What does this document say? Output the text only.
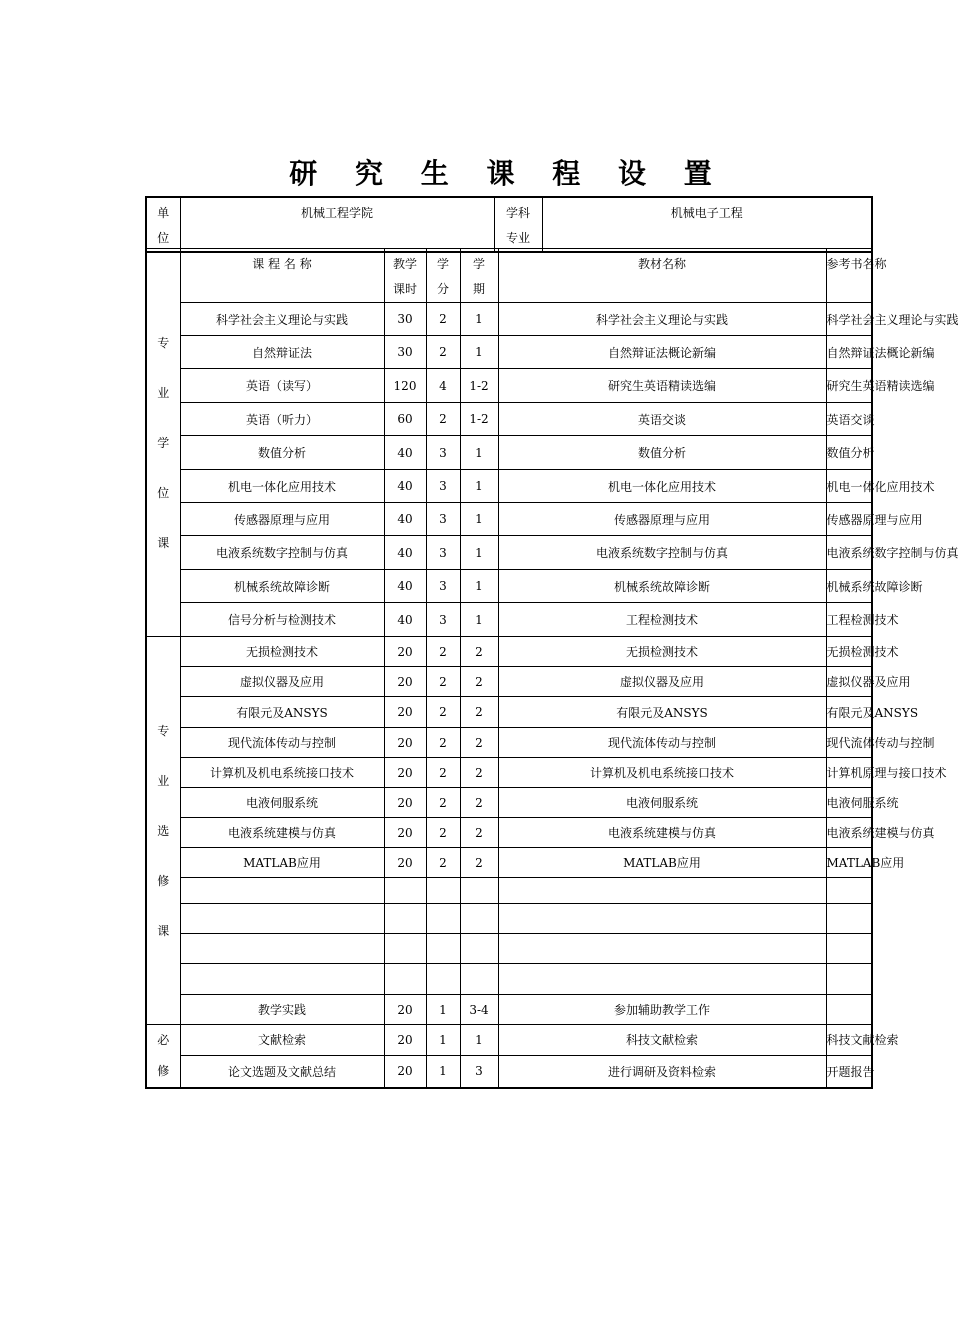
研 究 生 课 程 设 置
单位	机械工程学院	学科专业	机械电子工程
专业学位课	课 程 名 称	教学课时	学分	学期	教材名称	参考书名称	
	科学社会主义理论与实践	30	2	1	科学社会主义理论与实践	科学社会主义理论与实践	
	自然辩证法	30	2	1	自然辩证法概论新编	自然辩证法概论新编	
	英语（读写）	120	4	1-2	研究生英语精读选编	研究生英语精读选编	
	英语（听力）	60	2	1-2	英语交谈	英语交谈	
	数值分析	40	3	1	数值分析	数值分析	
	机电一体化应用技术	40	3	1	机电一体化应用技术	机电一体化应用技术	
	传感器原理与应用	40	3	1	传感器原理与应用	传感器原理与应用	
	电液系统数字控制与仿真	40	3	1	电液系统数字控制与仿真	电液系统数字控制与仿真	
	机械系统故障诊断	40	3	1	机械系统故障诊断	机械系统故障诊断	
	信号分析与检测技术	40	3	1	工程检测技术	工程检测技术	
专业选修课	无损检测技术	20	2	2	无损检测技术	无损检测技术	
	虚拟仪器及应用	20	2	2	虚拟仪器及应用	虚拟仪器及应用	
	有限元及ANSYS	20	2	2	有限元及ANSYS	有限元及ANSYS	
	现代流体传动与控制	20	2	2	现代流体传动与控制	现代流体传动与控制	
	计算机及机电系统接口技术	20	2	2	计算机及机电系统接口技术	计算机原理与接口技术	
	电液伺服系统	20	2	2	电液伺服系统	电液伺服系统	
	电液系统建模与仿真	20	2	2	电液系统建模与仿真	电液系统建模与仿真	
	MATLAB应用	20	2	2	MATLAB应用	MATLAB应用	

	教学实践	20	1	3-4	参加辅助教学工作		
必修	文献检索	20	1	1	科技文献检索	科技文献检索	
	论文选题及文献总结	20	1	3	进行调研及资料检索	开题报告	
